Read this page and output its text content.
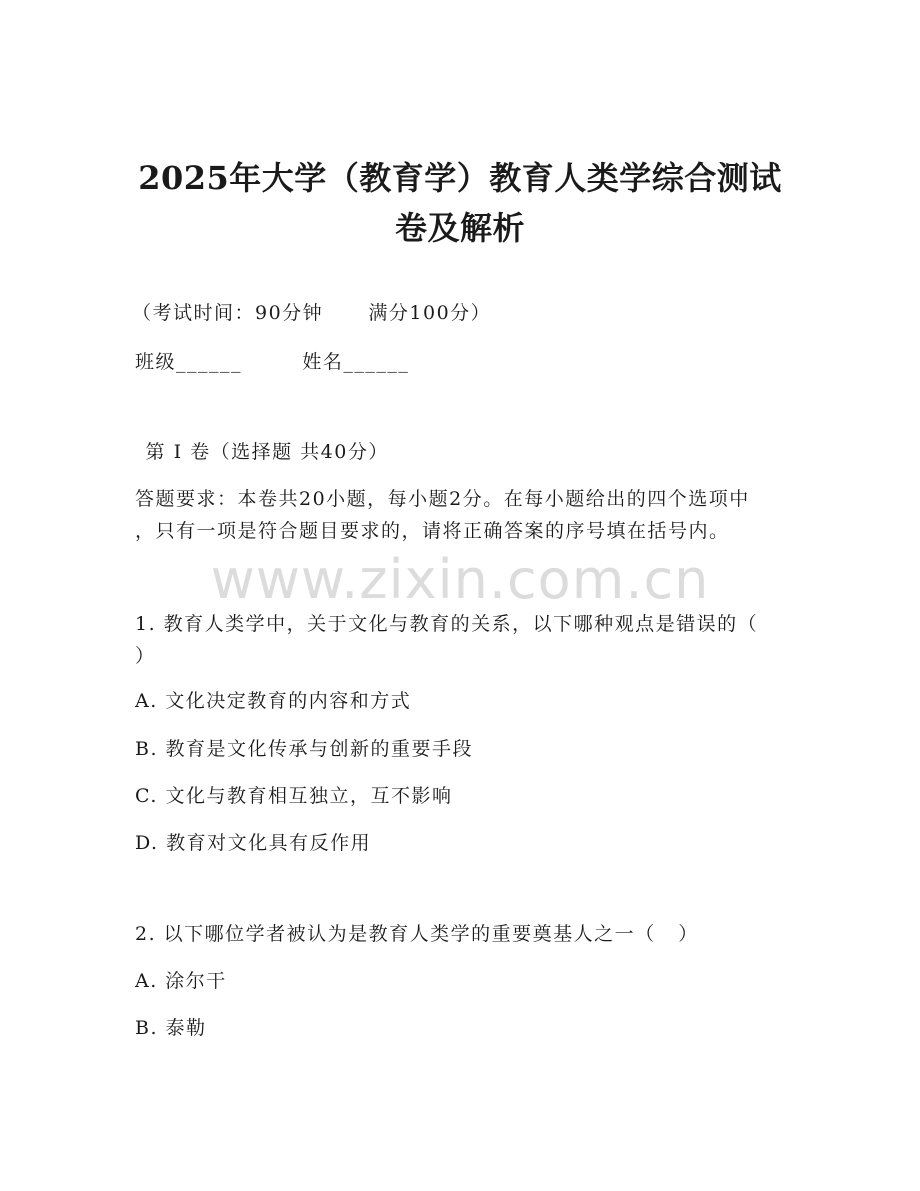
2025年大学（教育学）教育人类学综合测试
卷及解析
（考试时间：90分钟      满分100分）
班级______        姓名______
第 I 卷（选择题 共40分）
答题要求：本卷共20小题，每小题2分。在每小题给出的四个选项中
，只有一项是符合题目要求的，请将正确答案的序号填在括号内。
www.zixin.com.cn
1. 教育人类学中，关于文化与教育的关系，以下哪种观点是错误的（
）
A. 文化决定教育的内容和方式
B. 教育是文化传承与创新的重要手段
C. 文化与教育相互独立，互不影响
D. 教育对文化具有反作用
2. 以下哪位学者被认为是教育人类学的重要奠基人之一（   ）
A. 涂尔干
B. 泰勒
